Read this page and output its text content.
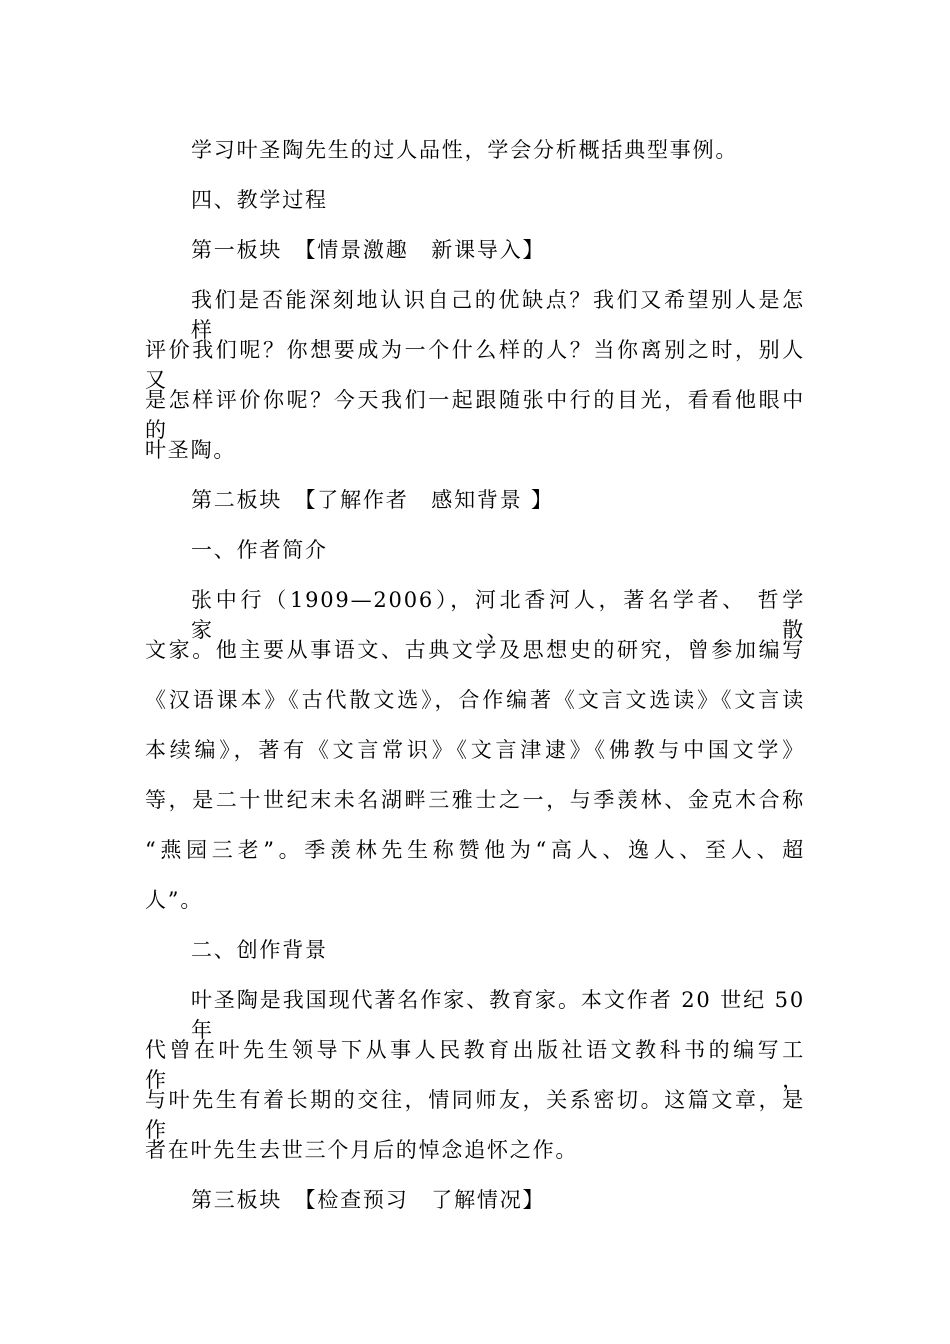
学习叶圣陶先生的过人品性，学会分析概括典型事例。
四、教学过程
第一板块　【情景激趣　新课导入】
我们是否能深刻地认识自己的优缺点？我们又希望别人是怎样
评价我们呢？你想要成为一个什么样的人？当你离别之时，别人又
是怎样评价你呢？今天我们一起跟随张中行的目光，看看他眼中的
叶圣陶。
第二板块　【了解作者　感知背景 】
一、作者简介
张中行（1909—2006），河北香河人，著名学者、 哲学家、散
文家。他主要从事语文、古典文学及思想史的研究，曾参加编写
《汉语课本》《古代散文选》，合作编著《文言文选读》《文言读
本续编》，著有《文言常识》《文言津逮》《佛教与中国文学》
等，是二十世纪末未名湖畔三雅士之一，与季羡林、金克木合称
“燕园三老”。季羡林先生称赞他为“高人、逸人、至人、超
人”。
二、创作背景
叶圣陶是我国现代著名作家、教育家。本文作者 20 世纪 50 年
代曾在叶先生领导下从事人民教育出版社语文教科书的编写工作，
与叶先生有着长期的交往，情同师友，关系密切。这篇文章，是作
者在叶先生去世三个月后的悼念追怀之作。
第三板块　【检查预习　了解情况】
